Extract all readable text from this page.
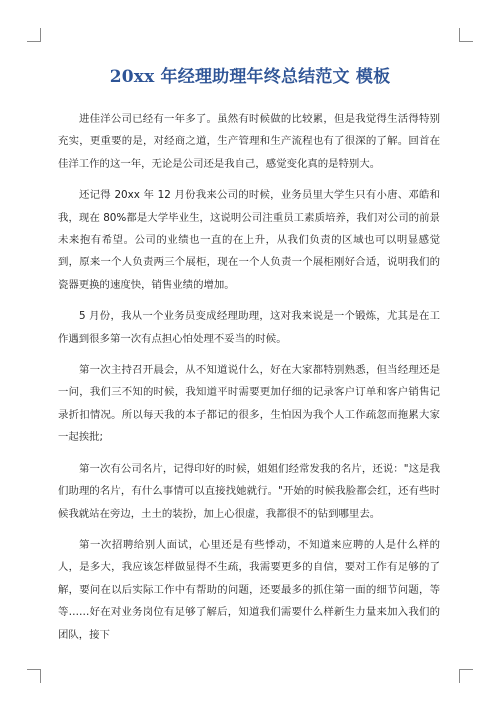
20xx 年经理助理年终总结范文 模板

进佳洋公司已经有一年多了。虽然有时候做的比较累，但是我觉得生活得特别充实，更重要的是，对经商之道，生产管理和生产流程也有了很深的了解。回首在佳洋工作的这一年，无论是公司还是我自己，感觉变化真的是特别大。

还记得 20xx 年 12 月份我来公司的时候，业务员里大学生只有小唐、邓皓和我，现在 80%都是大学毕业生，这说明公司注重员工素质培养，我们对公司的前景未来抱有希望。公司的业绩也一直的在上升，从我们负责的区域也可以明显感觉到，原来一个人负责两三个展柜，现在一个人负责一个展柜刚好合适，说明我们的瓷器更换的速度快，销售业绩的增加。

5 月份，我从一个业务员变成经理助理，这对我来说是一个锻炼，尤其是在工作遇到很多第一次有点担心怕处理不妥当的时候。

第一次主持召开晨会，从不知道说什么，好在大家都特别熟悉，但当经理还是一问，我们三不知的时候，我知道平时需要更加仔细的记录客户订单和客户销售记录折扣情况。所以每天我的本子都记的很多，生怕因为我个人工作疏忽而拖累大家一起挨批;

第一次有公司名片，记得印好的时候，姐姐们经常发我的名片，还说："这是我们助理的名片，有什么事情可以直接找她就行。"开始的时候我脸都会红，还有些时候我就站在旁边，土土的装扮，加上心很虚，我都很不的钻到哪里去。

第一次招聘给别人面试，心里还是有些悸动，不知道来应聘的人是什么样的人，是多大，我应该怎样做显得不生疏，我需要更多的自信，要对工作有足够的了解，要问在以后实际工作中有帮助的问题，还要最多的抓住第一面的细节问题，等等……好在对业务岗位有足够了解后，知道我们需要什么样新生力量来加入我们的团队，接下
